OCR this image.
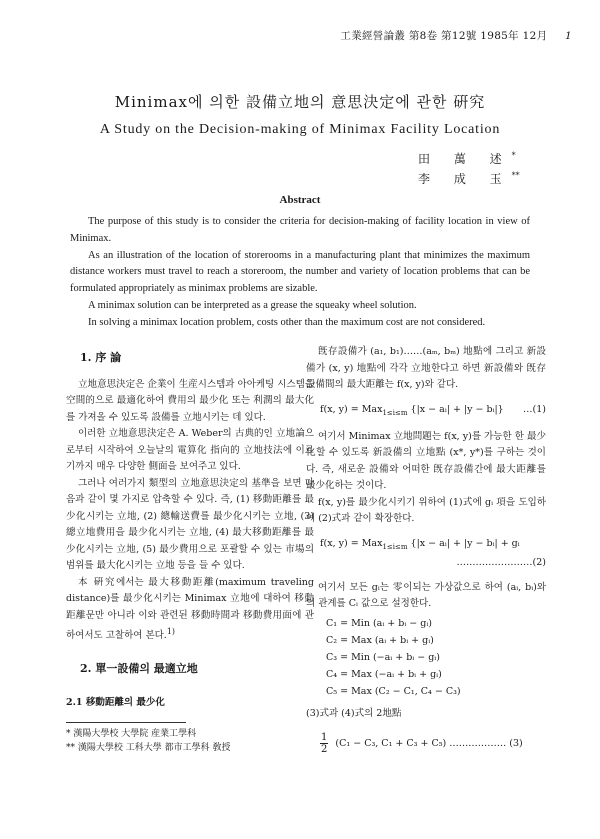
工業經營論叢 第8卷 第12號 1985年 12月 1
Minimax에 의한 設備立地의 意思決定에 관한 硏究
A Study on the Decision-making of Minimax Facility Location
田 萬 述*
李 成 玉**
Abstract

The purpose of this study is to consider the criteria for decision-making of facility location in view of Minimax.

As an illustration of the location of storerooms in a manufacturing plant that minimizes the maximum distance workers must travel to reach a storeroom, the number and variety of location problems that can be formulated appropriately as minimax problems are sizable.

A minimax solution can be interpreted as a grease the squeaky wheel solution.

In solving a minimax location problem, costs other than the maximum cost are not considered.

1. 序 論

立地意思決定은 企業이 生産시스템과 아아케팅 시스템을 空間的으로 最適化하여 費用의 最少化 또는 利潤의 最大化를 가져올 수 있도록 設備를 立地시키는 데 있다.

이러한 立地意思決定은 A. Weber의 古典的인 立地論으로부터 시작하여 오늘날의 電算化 指向的 立地技法에 이르기까지 매우 다양한 側面을 보여주고 있다.

그러나 여러가지 類型의 立地意思決定의 基準을 보면 다음과 같이 몇 가지로 압축할 수 있다. 즉, (1) 移動距離를 最少化시키는 立地, (2) 總輸送費를 最少化시키는 立地, (3) 總立地費用을 最少化시키는 立地, (4) 最大移動距離를 最少化시키는 立地, (5) 最少費用으로 포괄할 수 있는 市場의 범위를 最大化시키는 立地 등을 들 수 있다.

本 硏究에서는 最大移動距離(maximum traveling distance)를 最少化시키는 Minimax 立地에 대하여 移動距離문만 아니라 이와 관련된 移動時間과 移動費用面에 관하여서도 고찰하여 본다.$^{1)}$

2. 單一設備의 最適立地
2.1 移動距離의 最少化
* 漢陽大學校 大學院 産業工學科
** 漢陽大學校 工科大學 都市工學科 敎授

旣存設備가 (a₁, b₁)……(aₘ, bₘ) 地點에 그리고 新設備가 (x, y) 地點에 각각 立地한다고 하면 新設備와 旣存設備間의 最大距離는 f(x, y)와 같다.

f(x, y) = Max$_{1\le i\le m}$ {|x − aᵢ| + |y − bᵢ|} …(1)

여기서 Minimax 立地問題는 f(x, y)를 가능한 한 最少化할 수 있도록 新設備의 立地點 (x*, y*)를 구하는 것이다. 즉, 새로운 設備와 어떠한 旣存設備간에 最大距離를 最少化하는 것이다.

f(x, y)를 最少化시키기 위하여 (1)式에 gᵢ 項을 도입하여 (2)式과 같이 확장한다.

f(x, y) = Max$_{1\le i\le m}$ {|x − aᵢ| + |y − bᵢ| + gᵢ
……………………(2)

여기서 모든 gᵢ는 零이되는 가상값으로 하여 (aᵢ, bᵢ)와의 관계를 Cᵢ 값으로 설정한다.

C₁ = Min (aᵢ + bᵢ − gᵢ)
C₂ = Max (aᵢ + bᵢ + gᵢ)
C₃ = Min (−aᵢ + bᵢ − gᵢ)
C₄ = Max (−aᵢ + bᵢ + gᵢ)
C₅ = Max (C₂ − C₁, C₄ − C₃)

(3)式과 (4)式의 2地點

$\frac{1}{2} (C_1 - C_3$, C₁ + C₃ + C₅) ……………… (3)
